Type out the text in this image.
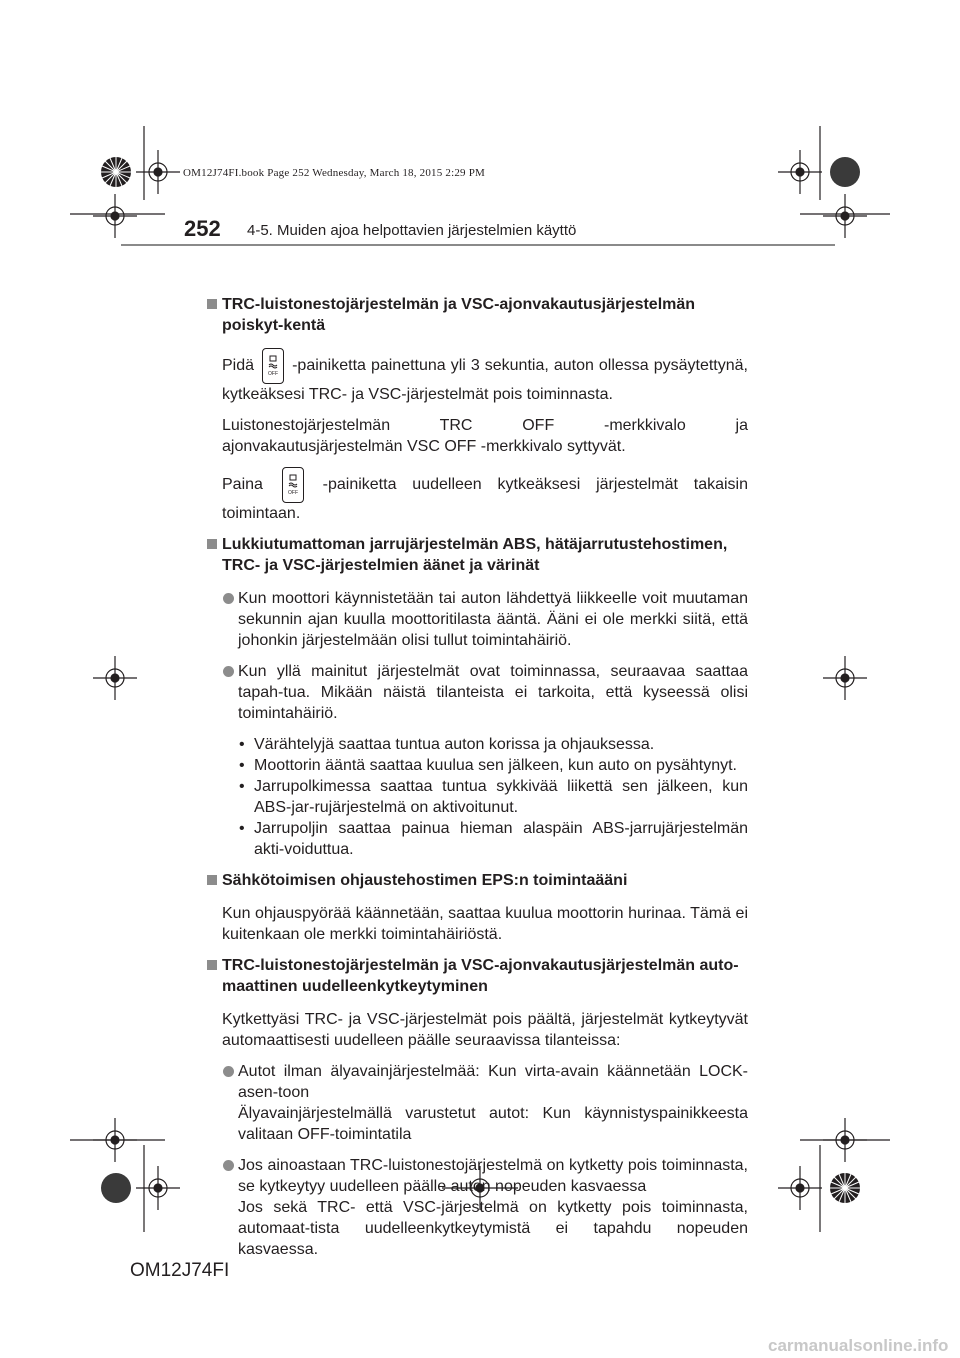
OM12J74FI.book Page 252 Wednesday, March 18, 2015 2:29 PM
252 4-5. Muiden ajoa helpottavien järjestelmien käyttö
TRC-luistonestojärjestelmän ja VSC-ajonvakautusjärjestelmän poiskyt-kentä
Pidä	OFF -painiketta painettuna yli 3 sekuntia, auton ollessa pysäytettynä, kytkeäksesi TRC- ja VSC-järjestelmät pois toiminnasta.
Luistonestojärjestelmän TRC OFF -merkkivalo ja ajonvakautusjärjestelmän VSC OFF -merkkivalo syttyvät.
Paina	OFF -painiketta uudelleen kytkeäksesi järjestelmät takaisin toimintaan.
Lukkiutumattoman jarrujärjestelmän ABS, hätäjarrutustehostimen, TRC- ja VSC-järjestelmien äänet ja värinät
Kun moottori käynnistetään tai auton lähdettyä liikkeelle voit muutaman sekunnin ajan kuulla moottoritilasta ääntä. Ääni ei ole merkki siitä, että johonkin järjestelmään olisi tullut toimintahäiriö.
Kun yllä mainitut järjestelmät ovat toiminnassa, seuraavaa saattaa tapah-tua. Mikään näistä tilanteista ei tarkoita, että kyseessä olisi toimintahäiriö.
• Värähtelyjä saattaa tuntua auton korissa ja ohjauksessa.
• Moottorin ääntä saattaa kuulua sen jälkeen, kun auto on pysähtynyt.
• Jarrupolkimessa saattaa tuntua sykkivää liikettä sen jälkeen, kun ABS-jar-rujärjestelmä on aktivoitunut.
• Jarrupoljin saattaa painua hieman alaspäin ABS-jarrujärjestelmän akti-voiduttua.
Sähkötoimisen ohjaustehostimen EPS:n toimintaääni
Kun ohjauspyörää käännetään, saattaa kuulua moottorin hurinaa. Tämä ei kuitenkaan ole merkki toimintahäiriöstä.
TRC-luistonestojärjestelmän ja VSC-ajonvakautusjärjestelmän auto-maattinen uudelleenkytkeytyminen
Kytkettyäsi TRC- ja VSC-järjestelmät pois päältä, järjestelmät kytkeytyvät automaattisesti uudelleen päälle seuraavissa tilanteissa:
Autot ilman älyavainjärjestelmää: Kun virta-avain käännetään LOCK-asen-toon
Älyavainjärjestelmällä varustetut autot: Kun käynnistyspainikkeesta valitaan OFF-toimintatila
Jos ainoastaan TRC-luistonestojärjestelmä on kytketty pois toiminnasta, se kytkeytyy uudelleen päälle auton nopeuden kasvaessa
Jos sekä TRC- että VSC-järjestelmä on kytketty pois toiminnasta, automaat-tista uudelleenkytkeytymistä ei tapahdu nopeuden kasvaessa.
OM12J74FI
carmanualsonline.info
